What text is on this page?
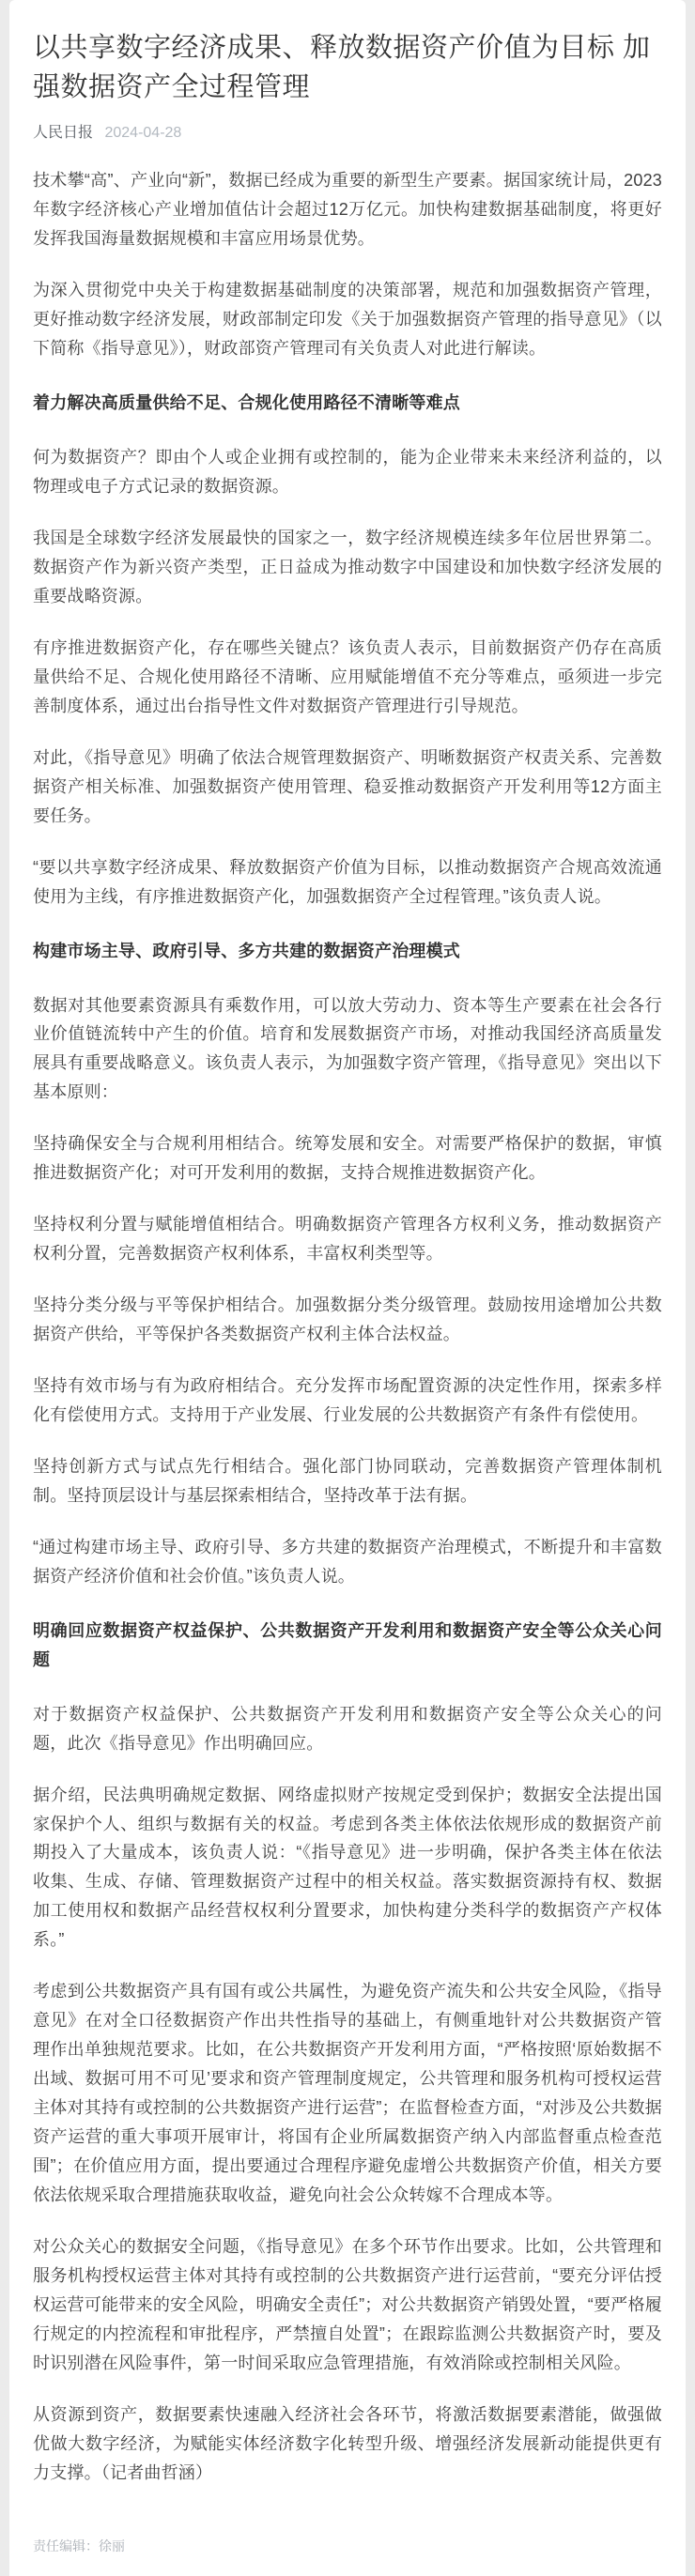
以共享数字经济成果、释放数据资产价值为目标 加强数据资产全过程管理
人民日报 2024-04-28

技术攀“高”、产业向“新”，数据已经成为重要的新型生产要素。据国家统计局，2023年数字经济核心产业增加值估计会超过12万亿元。加快构建数据基础制度，将更好发挥我国海量数据规模和丰富应用场景优势。

为深入贯彻党中央关于构建数据基础制度的决策部署，规范和加强数据资产管理，更好推动数字经济发展，财政部制定印发《关于加强数据资产管理的指导意见》（以下简称《指导意见》），财政部资产管理司有关负责人对此进行解读。

着力解决高质量供给不足、合规化使用路径不清晰等难点

何为数据资产？即由个人或企业拥有或控制的，能为企业带来未来经济利益的，以物理或电子方式记录的数据资源。

我国是全球数字经济发展最快的国家之一，数字经济规模连续多年位居世界第二。数据资产作为新兴资产类型，正日益成为推动数字中国建设和加快数字经济发展的重要战略资源。

有序推进数据资产化，存在哪些关键点？该负责人表示，目前数据资产仍存在高质量供给不足、合规化使用路径不清晰、应用赋能增值不充分等难点，亟须进一步完善制度体系，通过出台指导性文件对数据资产管理进行引导规范。

对此，《指导意见》明确了依法合规管理数据资产、明晰数据资产权责关系、完善数据资产相关标准、加强数据资产使用管理、稳妥推动数据资产开发利用等12方面主要任务。

“要以共享数字经济成果、释放数据资产价值为目标，以推动数据资产合规高效流通使用为主线，有序推进数据资产化，加强数据资产全过程管理。”该负责人说。

构建市场主导、政府引导、多方共建的数据资产治理模式

数据对其他要素资源具有乘数作用，可以放大劳动力、资本等生产要素在社会各行业价值链流转中产生的价值。培育和发展数据资产市场，对推动我国经济高质量发展具有重要战略意义。该负责人表示，为加强数字资产管理，《指导意见》突出以下基本原则：

坚持确保安全与合规利用相结合。统筹发展和安全。对需要严格保护的数据，审慎推进数据资产化；对可开发利用的数据，支持合规推进数据资产化。

坚持权利分置与赋能增值相结合。明确数据资产管理各方权利义务，推动数据资产权利分置，完善数据资产权利体系，丰富权利类型等。

坚持分类分级与平等保护相结合。加强数据分类分级管理。鼓励按用途增加公共数据资产供给，平等保护各类数据资产权利主体合法权益。

坚持有效市场与有为政府相结合。充分发挥市场配置资源的决定性作用，探索多样化有偿使用方式。支持用于产业发展、行业发展的公共数据资产有条件有偿使用。

坚持创新方式与试点先行相结合。强化部门协同联动，完善数据资产管理体制机制。坚持顶层设计与基层探索相结合，坚持改革于法有据。

“通过构建市场主导、政府引导、多方共建的数据资产治理模式，不断提升和丰富数据资产经济价值和社会价值。”该负责人说。

明确回应数据资产权益保护、公共数据资产开发利用和数据资产安全等公众关心问题

对于数据资产权益保护、公共数据资产开发利用和数据资产安全等公众关心的问题，此次《指导意见》作出明确回应。

据介绍，民法典明确规定数据、网络虚拟财产按规定受到保护；数据安全法提出国家保护个人、组织与数据有关的权益。考虑到各类主体依法依规形成的数据资产前期投入了大量成本，该负责人说：“《指导意见》进一步明确，保护各类主体在依法收集、生成、存储、管理数据资产过程中的相关权益。落实数据资源持有权、数据加工使用权和数据产品经营权权利分置要求，加快构建分类科学的数据资产产权体系。”

考虑到公共数据资产具有国有或公共属性，为避免资产流失和公共安全风险，《指导意见》在对全口径数据资产作出共性指导的基础上，有侧重地针对公共数据资产管理作出单独规范要求。比如，在公共数据资产开发利用方面，“严格按照‘原始数据不出域、数据可用不可见’要求和资产管理制度规定，公共管理和服务机构可授权运营主体对其持有或控制的公共数据资产进行运营”；在监督检查方面，“对涉及公共数据资产运营的重大事项开展审计，将国有企业所属数据资产纳入内部监督重点检查范围”；在价值应用方面，提出要通过合理程序避免虚增公共数据资产价值，相关方要依法依规采取合理措施获取收益，避免向社会公众转嫁不合理成本等。

对公众关心的数据安全问题，《指导意见》在多个环节作出要求。比如，公共管理和服务机构授权运营主体对其持有或控制的公共数据资产进行运营前，“要充分评估授权运营可能带来的安全风险，明确安全责任”；对公共数据资产销毁处置，“要严格履行规定的内控流程和审批程序，严禁擅自处置”；在跟踪监测公共数据资产时，要及时识别潜在风险事件，第一时间采取应急管理措施，有效消除或控制相关风险。

从资源到资产，数据要素快速融入经济社会各环节，将激活数据要素潜能，做强做优做大数字经济，为赋能实体经济数字化转型升级、增强经济发展新动能提供更有力支撑。（记者曲哲涵）

责任编辑：徐丽
